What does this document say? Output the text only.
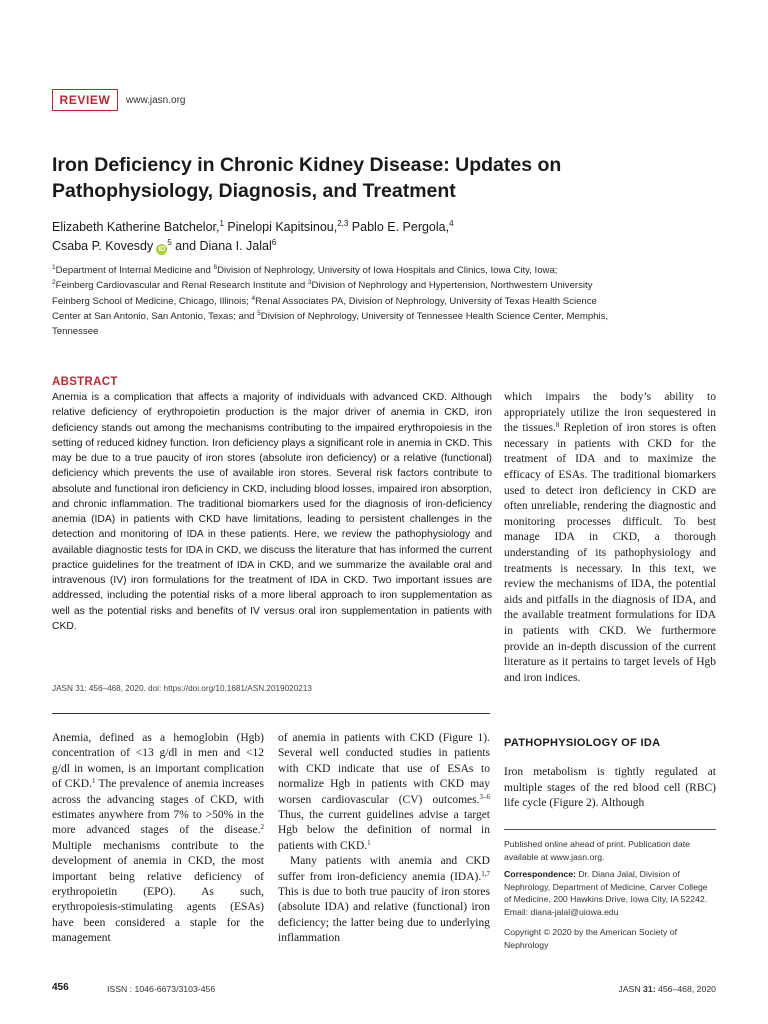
REVIEW	www.jasn.org
Iron Deficiency in Chronic Kidney Disease: Updates on Pathophysiology, Diagnosis, and Treatment
Elizabeth Katherine Batchelor,$^1$ Pinelopi Kapitsinou,$^{2,3}$ Pablo E. Pergola,$^4$
Csaba P. Kovesdy $iD^5$ and Diana I. Jalal$^6$
$^1$Department of Internal Medicine and $^6$Division of Nephrology, University of Iowa Hospitals and Clinics, Iowa City, Iowa;
$^2$Feinberg Cardiovascular and Renal Research Institute and $^3$Division of Nephrology and Hypertension, Northwestern University Feinberg School of Medicine, Chicago, Illinois; $^4$Renal Associates PA, Division of Nephrology, University of Texas Health Science Center at San Antonio, San Antonio, Texas; and $^5$Division of Nephrology, University of Tennessee Health Science Center, Memphis, Tennessee
ABSTRACT

Anemia is a complication that affects a majority of individuals with advanced CKD. Although relative deficiency of erythropoietin production is the major driver of anemia in CKD, iron deficiency stands out among the mechanisms contributing to the impaired erythropoiesis in the setting of reduced kidney function. Iron deficiency plays a significant role in anemia in CKD. This may be due to a true paucity of iron stores (absolute iron deficiency) or a relative (functional) deficiency which prevents the use of available iron stores. Several risk factors contribute to absolute and functional iron deficiency in CKD, including blood losses, impaired iron absorption, and chronic inflammation. The traditional biomarkers used for the diagnosis of iron-deficiency anemia (IDA) in patients with CKD have limitations, leading to persistent challenges in the detection and monitoring of IDA in these patients. Here, we review the pathophysiology and available diagnostic tests for IDA in CKD, we discuss the literature that has informed the current practice guidelines for the treatment of IDA in CKD, and we summarize the available oral and intravenous (IV) iron formulations for the treatment of IDA in CKD. Two important issues are addressed, including the potential risks of a more liberal approach to iron supplementation as well as the potential risks and benefits of IV versus oral iron supplementation in patients with CKD.

which impairs the body’s ability to appropriately utilize the iron sequestered in the tissues.$^8$ Repletion of iron stores is often necessary in patients with CKD for the treatment of IDA and to maximize the efficacy of ESAs. The traditional biomarkers used to detect iron deficiency in CKD are often unreliable, rendering the diagnostic and monitoring processes difficult. To best manage IDA in CKD, a thorough understanding of its pathophysiology and treatments is necessary. In this text, we review the mechanisms of IDA, the potential aids and pitfalls in the diagnosis of IDA, and the available treatment formulations for IDA in patients with CKD. We furthermore provide an in-depth discussion of the current literature as it pertains to target levels of Hgb and iron indices.

JASN 31: 456–468, 2020. doi: https://doi.org/10.1681/ASN.2019020213

Anemia, defined as a hemoglobin (Hgb) concentration of <13 g/dl in men and <12 g/dl in women, is an important complication of CKD.$^1$ The prevalence of anemia increases across the advancing stages of CKD, with estimates anywhere from 7% to >50% in the more advanced stages of the disease.$^2$ Multiple mechanisms contribute to the development of anemia in CKD, the most important being relative deficiency of erythropoietin (EPO). As such, erythropoiesis-stimulating agents (ESAs) have been considered a staple for the management

of anemia in patients with CKD (Figure 1). Several well conducted studies in patients with CKD indicate that use of ESAs to normalize Hgb in patients with CKD may worsen cardiovascular (CV) outcomes.$^{3-6}$ Thus, the current guidelines advise a target Hgb below the definition of normal in patients with CKD.$^1$

Many patients with anemia and CKD suffer from iron-deficiency anemia (IDA).$^{1,7}$ This is due to both true paucity of iron stores (absolute IDA) and relative (functional) iron deficiency; the latter being due to underlying inflammation

PATHOPHYSIOLOGY OF IDA

Iron metabolism is tightly regulated at multiple stages of the red blood cell (RBC) life cycle (Figure 2). Although

Published online ahead of print. Publication date available at www.jasn.org.

Correspondence: Dr. Diana Jalal, Division of Nephrology, Department of Medicine, Carver College of Medicine, 200 Hawkins Drive, Iowa City, IA 52242. Email: diana-jalal@uiowa.edu

Copyright © 2020 by the American Society of Nephrology

456	ISSN : 1046-6673/3103-456	JASN 31: 456–468, 2020
